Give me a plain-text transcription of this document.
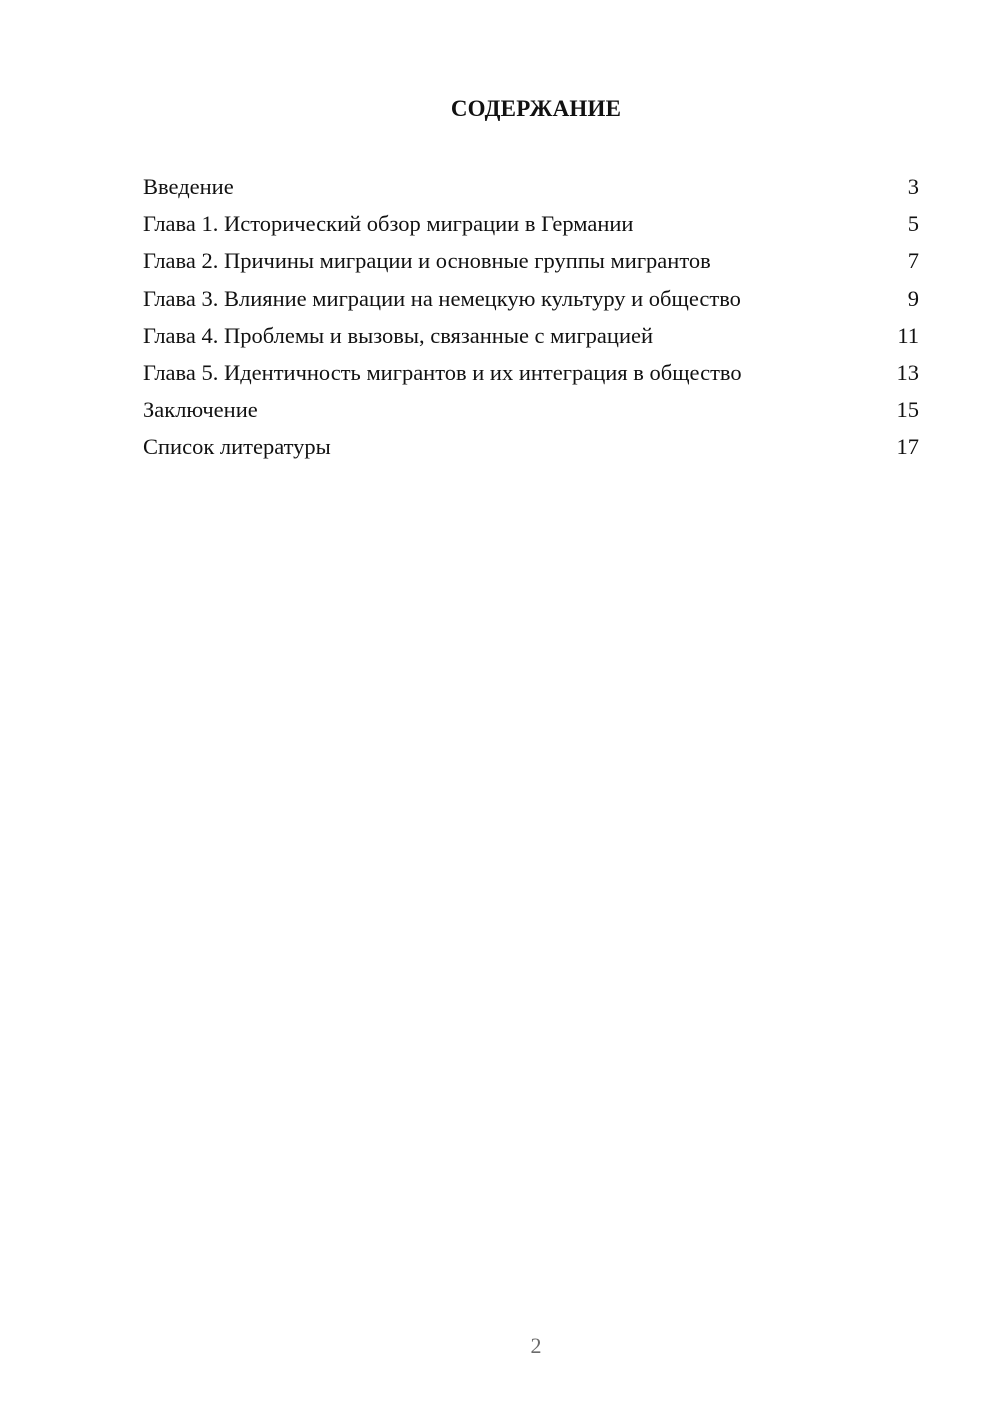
СОДЕРЖАНИЕ
Введение	3
Глава 1. Исторический обзор миграции в Германии	5
Глава 2. Причины миграции и основные группы мигрантов	7
Глава 3. Влияние миграции на немецкую культуру и общество	9
Глава 4. Проблемы и вызовы, связанные с миграцией	11
Глава 5. Идентичность мигрантов и их интеграция в общество	13
Заключение	15
Список литературы	17
2
